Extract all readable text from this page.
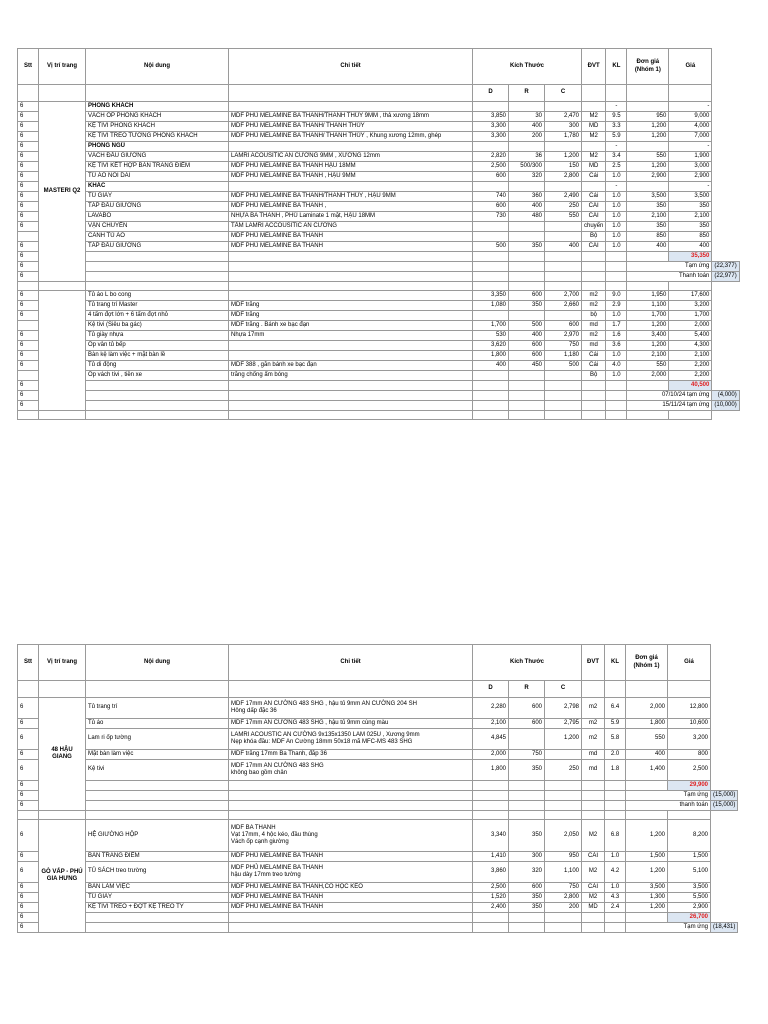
Stt	Vị trí trang	Nội dung	Chi tiết	Kích Thước			ĐVT	KL	Đơn giá (Nhóm 1)	Giá	
				D	R	C					
6	MASTERI Q2	PHÒNG KHÁCH						-		-	
6		VÁCH ỐP PHÒNG KHÁCH	MDF PHỦ MELAMINE BA THANH/THANH THỦY 9MM , thả xương 18mm	3,850	30	2,470	M2	9.5	950	9,000	
6		KỆ TIVI PHÒNG KHÁCH	MDF PHỦ MELAMINE BA THANH/ THANH THỦY	3,300	400	300	MD	3.3	1,200	4,000	
6		KỆ TIVI TREO TƯỜNG PHÒNG KHÁCH	MDF PHỦ MELAMINE BA THANH/ THANH THỦY , Khung xương 12mm, ghép	3,300	200	1,780	M2	5.9	1,200	7,000	
6		PHÒNG NGỦ						-		-	
6		VÁCH ĐẦU GIƯỜNG	LAMRI ACOUSITIC AN CƯỜNG 9MM , XƯƠNG 12mm	2,820	36	1,200	M2	3.4	550	1,900	
6		KỆ TIVI KẾT HỢP BÀN TRANG ĐIỂM	MDF PHỦ MELAMINE BA THANH HẬU 18MM	2,500	500/300	150	MD	2.5	1,200	3,000	
6		TỦ ÁO NỐI DÀI	MDF PHỦ MELAMINE BA THANH , HẬU 9MM	600	320	2,800	Cái	1.0	2,900	2,900	
6		KHÁC						-		-	
6		TỦ GIÀY	MDF PHỦ MELAMINE BA THANH/THANH THỦY , HẬU 9MM	740	360	2,490	Cái	1.0	3,500	3,500	
6		TÁP ĐẦU GIƯỜNG	MDF PHỦ MELAMINE BA THANH ,	600	400	250	CÁI	1.0	350	350	
6		LAVABO	NHỰA BA THANH , PHỦ Laminate 1 mặt, HẬU 18MM	730	480	550	CÁI	1.0	2,100	2,100	
6		VẬN CHUYỂN	TẤM LAMRI ACCOUSITIC AN CƯỜNG				chuyến	1.0	350	350	
		CÁNH TỦ ÁO	MDF PHỦ MELAMINE BA THANH				Bộ	1.0	850	850	
6		TÁP ĐẦU GIƯỜNG	MDF PHỦ MELAMINE BA THANH	500	350	400	CÁI	1.0	400	400	
6										35,350	
6									Tạm ứng		(22,377)
6									Thanh toán		(22,977)

6		Tủ áo L bo cong		3,350	600	2,700	m2	9.0	1,950	17,600	
6		Tủ trang trí Master	MDF trắng	1,080	350	2,660	m2	2.9	1,100	3,200	
6		4 tấm đợt lớn + 6 tấm đợt nhỏ	MDF trắng				bộ	1.0	1,700	1,700	
		Kệ tivi (Siêu ba gác)	MDF trắng . Bánh xe bạc đạn	1,700	500	600	md	1.7	1,200	2,000	
6		Tủ giày nhựa	Nhựa 17mm	530	400	2,970	m2	1.6	3,400	5,400	
6		Ốp vân tủ bếp		3,620	600	750	md	3.6	1,200	4,300	
6		Bàn kệ làm việc + mặt bàn lề		1,800	600	1,180	Cái	1.0	2,100	2,100	
6		Tủ di động	MDF 388 , gắn bánh xe bạc đạn	400	450	500	Cái	4.0	550	2,200	
		Ốp vách tivi , tiền xe	trắng chống ẩm bóng				Bộ	1.0	2,000	2,200	
6										40,500	
6									07/10/24 tạm ứng		(4,000)
6									15/11/24 tạm ứng		(10,000)

Stt	Vị trí trang	Nội dung	Chi tiết	Kích Thước			ĐVT	KL	Đơn giá (Nhóm 1)	Giá	
				D	R	C					
6	48 HẬU GIANG	Tủ trang trí	MDF 17mm AN CƯỜNG 483 SHG , hậu tủ 9mm AN CƯỜNG 204 SH
Hông dấp đặc 36	2,280	600	2,798	m2	6.4	2,000	12,800	
6		Tủ áo	MDF 17mm AN CƯỜNG 483 SHG , hậu tủ 9mm cùng màu	2,100	600	2,795	m2	5.9	1,800	10,600	
6		Lam ri ốp tường	LAMRI ACOUSTIC AN CƯỜNG 9x135x1350 LAM 025U , Xương 9mm
Nẹp khóa đầu: MDF An Cường 18mm 50x18 mã MFC-MS 483 SHG	4,845		1,200	m2	5.8	550	3,200	
6		Mặt bàn làm việc	MDF trắng 17mm Ba Thanh, đắp 36	2,000	750		md	2.0	400	800	
6		Kệ tivi	MDF 17mm AN CƯỜNG 483 SHG
không bao gồm chân	1,800	350	250	md	1.8	1,400	2,500	
6										29,900	
6									Tạm ứng		(15,000)
6									thanh toán		(15,000)

6	GÒ VẤP - PHÚ GIA HƯNG	HỆ GIƯỜNG HỘP	MDF BA THANH
Vạt 17mm, 4 hộc kéo, đầu thùng
Vách ốp cạnh giường	3,340	350	2,050	M2	6.8	1,200	8,200	
6		BÀN TRANG ĐIỂM	MDF PHỦ MELAMINE BA THANH	1,410	300	950	CÁI	1.0	1,500	1,500	
6		TỦ SÁCH treo trường	MDF PHỦ MELAMINE BA THANH
hậu dày 17mm treo tường	3,860	320	1,100	M2	4.2	1,200	5,100	
6		BÀN LÀM VIỆC	MDF PHỦ MELAMINE BA THANH,CÓ HỘC KÉO	2,500	600	750	CÁI	1.0	3,500	3,500	
6		TỦ GIÀY	MDF PHỦ MELAMINE BA THANH	1,520	350	2,800	M2	4.3	1,300	5,500	
6		KỆ TIVI TREO + ĐỢT KỆ TREO TY	MDF PHỦ MELAMINE BA THANH	2,400	350	200	MD	2.4	1,200	2,900	
6										26,700	
6									Tạm ứng		(18,431)
